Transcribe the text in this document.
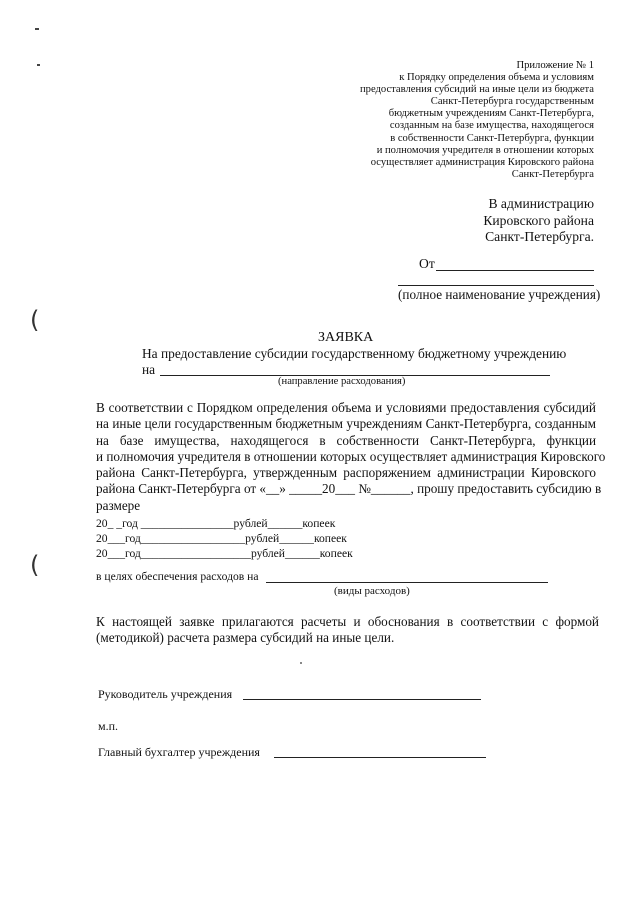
(
(
Приложение № 1
к Порядку определения объема и условиям
предоставления субсидий на иные цели из бюджета
Санкт-Петербурга государственным
бюджетным учреждениям Санкт-Петербурга,
созданным на базе имущества, находящегося
в собственности Санкт-Петербурга, функции
и полномочия учредителя в отношении которых
осуществляет администрация Кировского района
Санкт-Петербурга
В администрацию
Кировского района
Санкт-Петербурга.
От
(полное наименование учреждения)
ЗАЯВКА
На предоставление субсидии государственному бюджетному учреждению
на
(направление расходования)
В соответствии с Порядком определения объема и условиями предоставления субсидий
на иные цели государственным бюджетным учреждениям Санкт-Петербурга, созданным
на базе имущества, находящегося в собственности Санкт-Петербурга, функции
и полномочия учредителя в отношении которых осуществляет администрация Кировского
района Санкт-Петербурга, утвержденным распоряжением администрации Кировского
района Санкт-Петербурга от «__» _____20___ №______, прошу предоставить субсидию в
размере
20_ _год ________________рублей______копеек
20___год__________________рублей______копеек
20___год___________________рублей______копеек
в целях обеспечения расходов на
(виды расходов)
К настоящей заявке прилагаются расчеты и обоснования в соответствии с формой
(методикой) расчета размера субсидий на иные цели.
Руководитель учреждения
м.п.
Главный бухгалтер учреждения
